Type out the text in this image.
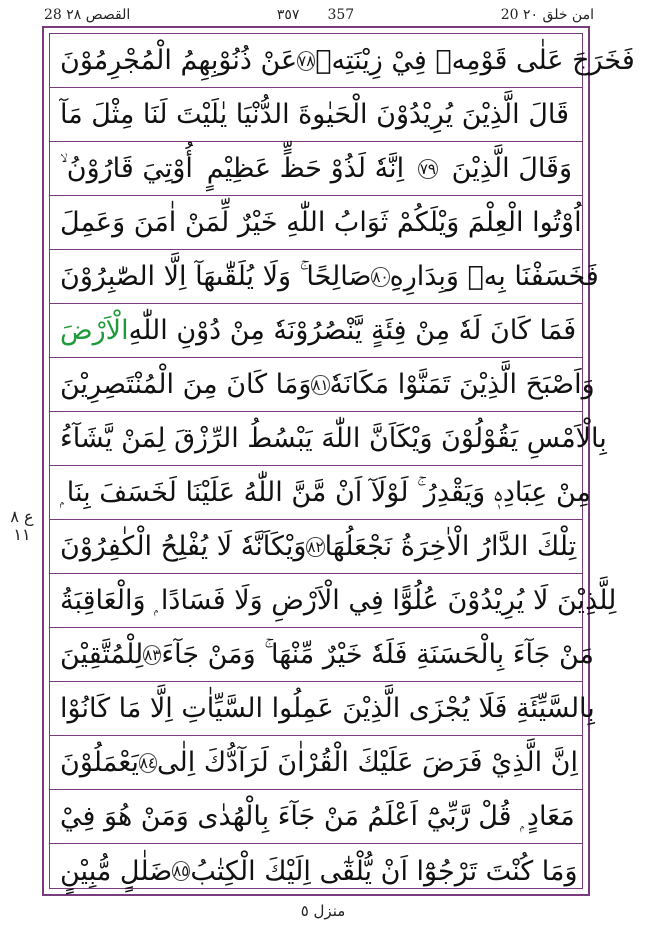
28 القصص ٢٨	٣٥٧ 357	20 امن خلق ٢٠
ع ٨ ١١
عَنْ ذُنُوْبِهِمُ الْمُجْرِمُوْنَ ٧٨ فَخَرَجَ عَلٰى قَوْمِهٖ فِيْ زِيْنَتِهٖ
قَالَ الَّذِيْنَ يُرِيْدُوْنَ الْحَيٰوةَ الدُّنْيَا يٰلَيْتَ لَنَا مِثْلَ مَآ
أُوْتِيَ قَارُوْنُ ۙ اِنَّهٗ لَذُوْ حَظٍّ عَظِيْمٍ ٧٩ وَقَالَ الَّذِيْنَ
اُوْتُوا الْعِلْمَ وَيْلَكُمْ ثَوَابُ اللّٰهِ خَيْرٌ لِّمَنْ اٰمَنَ وَعَمِلَ
صَالِحًا ۚ وَلَا يُلَقّٰىهَآ اِلَّا الصّٰبِرُوْنَ ٨٠ فَخَسَفْنَا بِهٖ وَبِدَارِهِ
الْاَرْضَ فَمَا كَانَ لَهٗ مِنْ فِئَةٍ يَّنْصُرُوْنَهٗ مِنْ دُوْنِ اللّٰهِ
وَمَا كَانَ مِنَ الْمُنْتَصِرِيْنَ ٨١ وَاَصْبَحَ الَّذِيْنَ تَمَنَّوْا مَكَانَهٗ
بِالْاَمْسِ يَقُوْلُوْنَ وَيْكَاَنَّ اللّٰهَ يَبْسُطُ الرِّزْقَ لِمَنْ يَّشَآءُ
مِنْ عِبَادِهٖ وَيَقْدِرُ ۚ لَوْلَآ اَنْ مَّنَّ اللّٰهُ عَلَيْنَا لَخَسَفَ بِنَا ۭ
وَيْكَاَنَّهٗ لَا يُفْلِحُ الْكٰفِرُوْنَ ٨٢ تِلْكَ الدَّارُ الْاٰخِرَةُ نَجْعَلُهَا
لِلَّذِيْنَ لَا يُرِيْدُوْنَ عُلُوًّا فِي الْاَرْضِ وَلَا فَسَادًا ۭ وَالْعَاقِبَةُ
لِلْمُتَّقِيْنَ ٨٣ مَنْ جَآءَ بِالْحَسَنَةِ فَلَهٗ خَيْرٌ مِّنْهَا ۚ وَمَنْ جَآءَ
بِالسَّيِّئَةِ فَلَا يُجْزَى الَّذِيْنَ عَمِلُوا السَّيِّاٰتِ اِلَّا مَا كَانُوْا
يَعْمَلُوْنَ ٨٤ اِنَّ الَّذِيْ فَرَضَ عَلَيْكَ الْقُرْاٰنَ لَرَآدُّكَ اِلٰى
مَعَادٍ ۭ قُلْ رَّبِّيْٓ اَعْلَمُ مَنْ جَآءَ بِالْهُدٰى وَمَنْ هُوَ فِيْ
ضَلٰلٍ مُّبِيْنٍ ٨٥ وَمَا كُنْتَ تَرْجُوْٓا اَنْ يُّلْقٰٓى اِلَيْكَ الْكِتٰبُ
منزل ٥
